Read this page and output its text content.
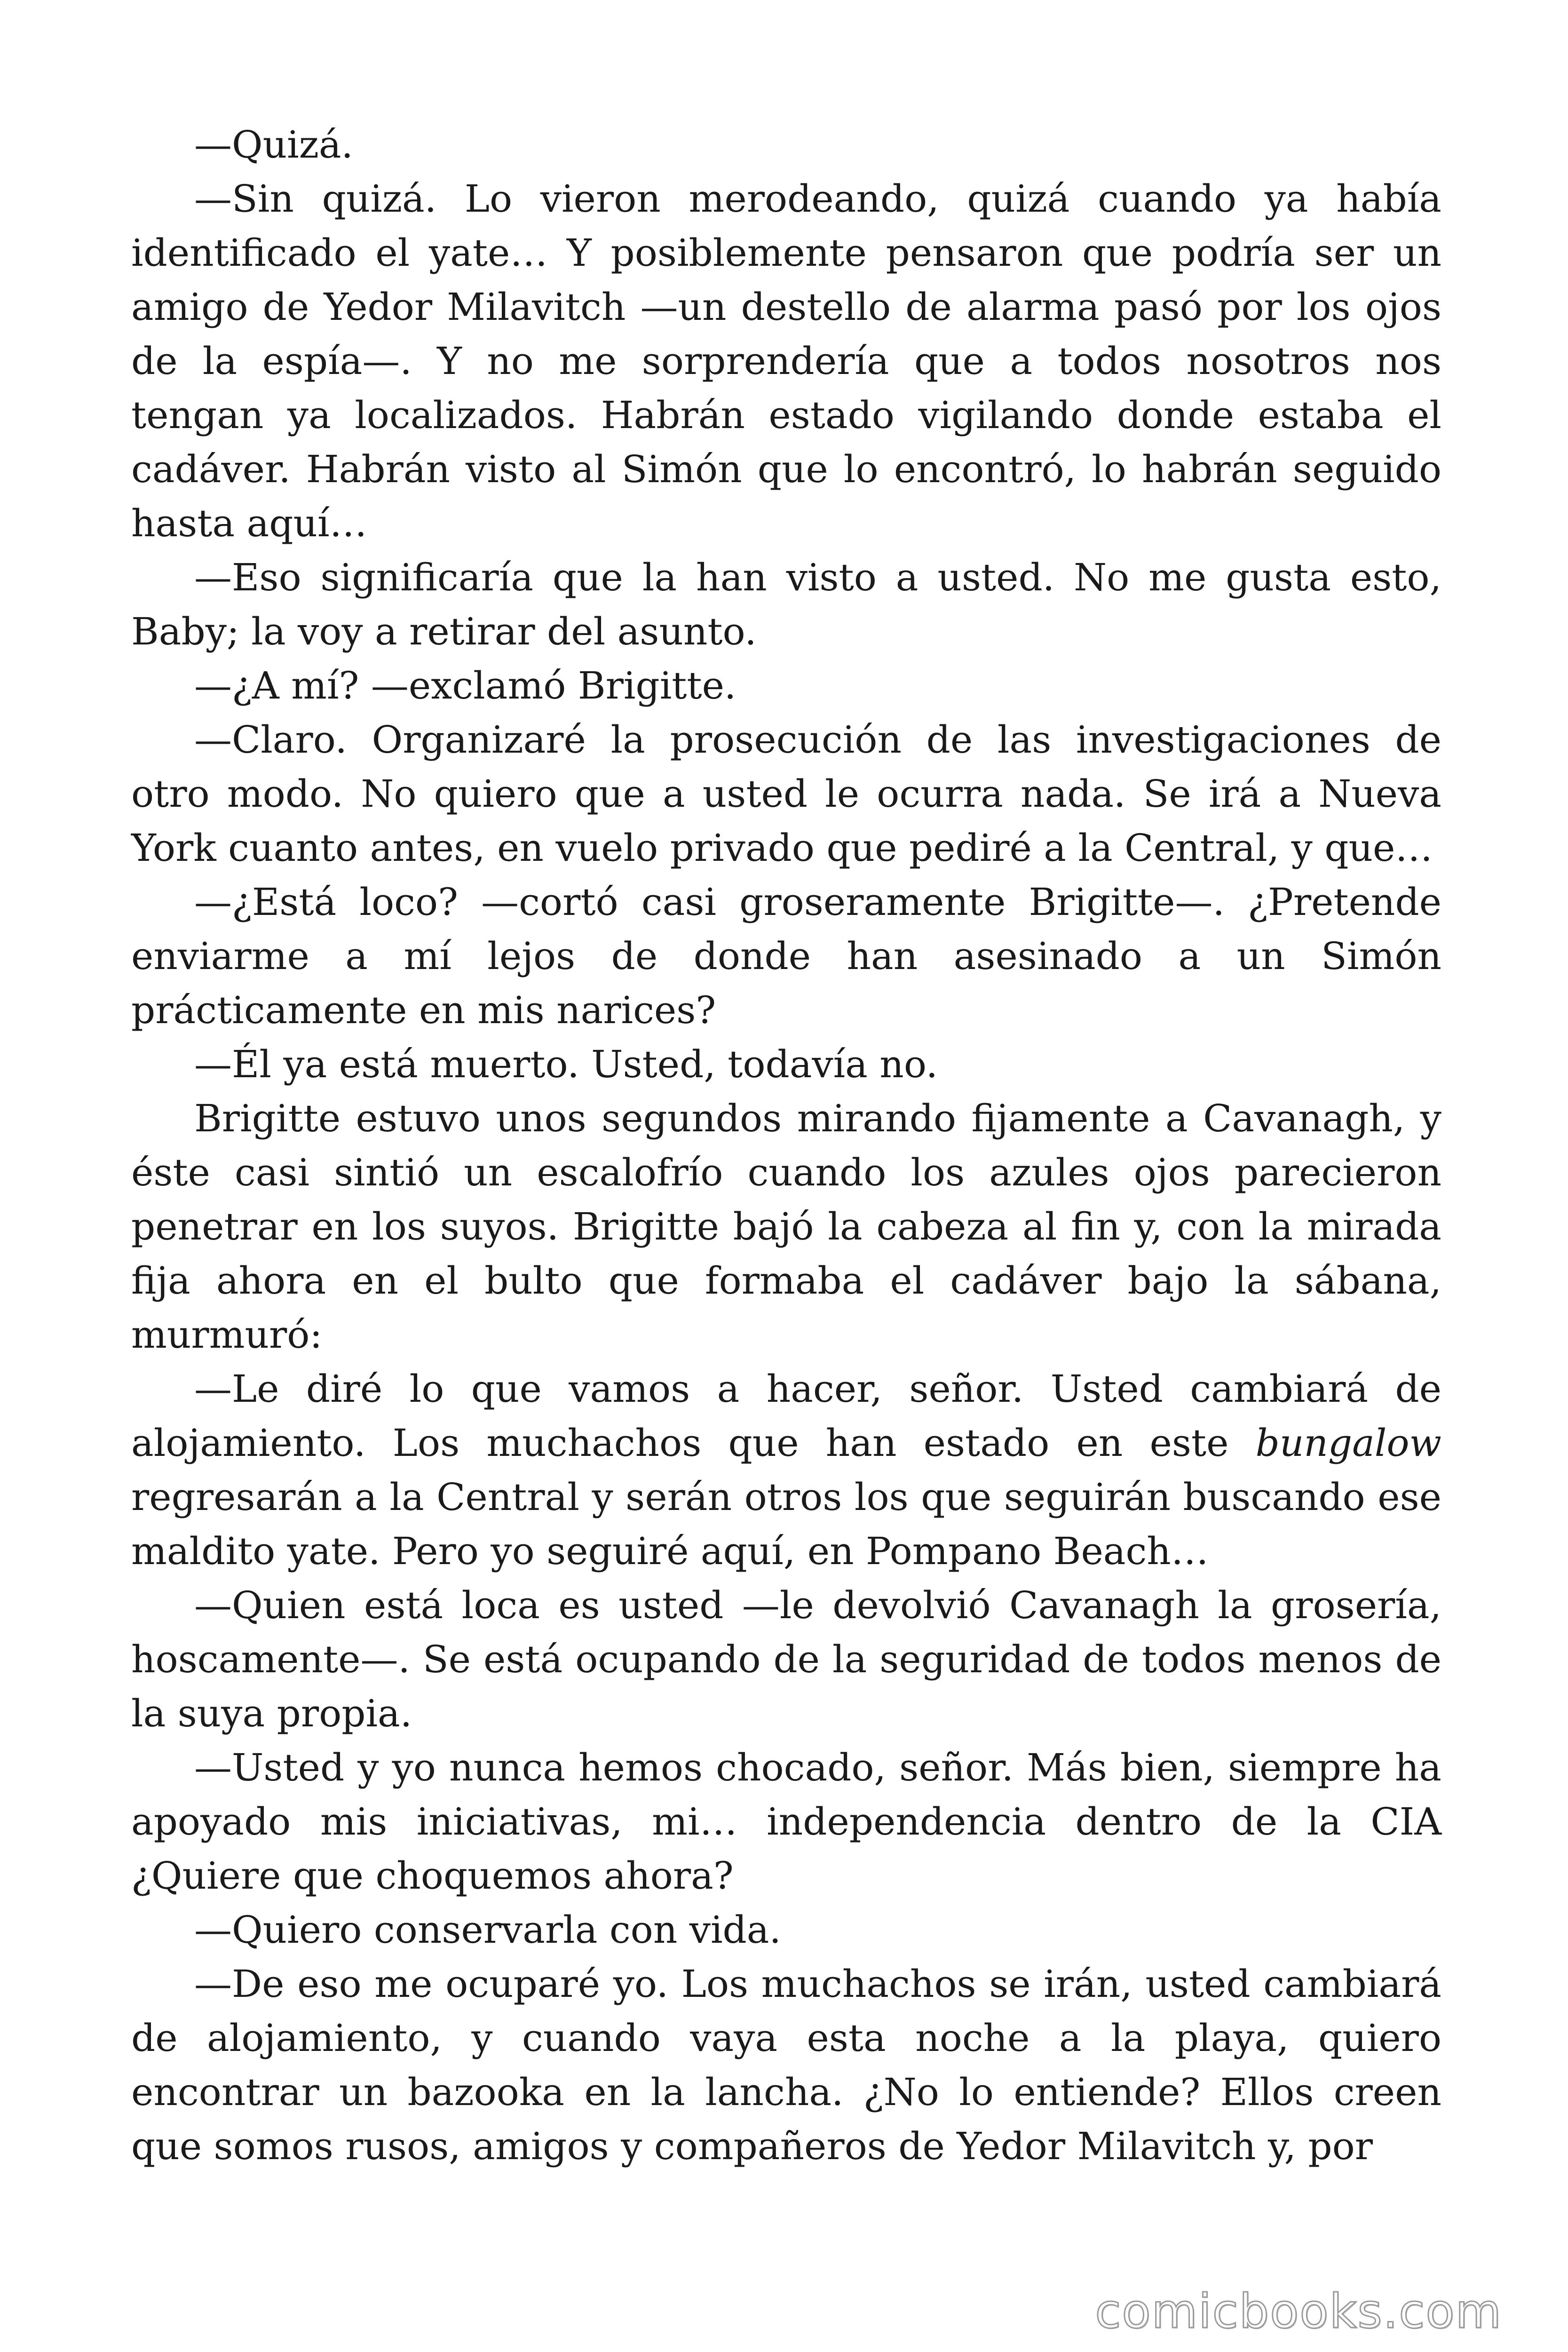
—Quizá.

—Sin quizá. Lo vieron merodeando, quizá cuando ya había identificado el yate… Y posiblemente pensaron que podría ser un amigo de Yedor Milavitch —un destello de alarma pasó por los ojos de la espía—. Y no me sorprendería que a todos nosotros nos tengan ya localizados. Habrán estado vigilando donde estaba el cadáver. Habrán visto al Simón que lo encontró, lo habrán seguido hasta aquí…

—Eso significaría que la han visto a usted. No me gusta esto, Baby; la voy a retirar del asunto.

—¿A mí? —exclamó Brigitte.

—Claro. Organizaré la prosecución de las investigaciones de otro modo. No quiero que a usted le ocurra nada. Se irá a Nueva York cuanto antes, en vuelo privado que pediré a la Central, y que…

—¿Está loco? —cortó casi groseramente Brigitte—. ¿Pretende enviarme a mí lejos de donde han asesinado a un Simón prácticamente en mis narices?

—Él ya está muerto. Usted, todavía no.

Brigitte estuvo unos segundos mirando fijamente a Cavanagh, y éste casi sintió un escalofrío cuando los azules ojos parecieron penetrar en los suyos. Brigitte bajó la cabeza al fin y, con la mirada fija ahora en el bulto que formaba el cadáver bajo la sábana, murmuró:

—Le diré lo que vamos a hacer, señor. Usted cambiará de alojamiento. Los muchachos que han estado en este bungalow regresarán a la Central y serán otros los que seguirán buscando ese maldito yate. Pero yo seguiré aquí, en Pompano Beach…

—Quien está loca es usted —le devolvió Cavanagh la grosería, hoscamente—. Se está ocupando de la seguridad de todos menos de la suya propia.

—Usted y yo nunca hemos chocado, señor. Más bien, siempre ha apoyado mis iniciativas, mi… independencia dentro de la CIA ¿Quiere que choquemos ahora?

—Quiero conservarla con vida.

—De eso me ocuparé yo. Los muchachos se irán, usted cambiará de alojamiento, y cuando vaya esta noche a la playa, quiero encontrar un bazooka en la lancha. ¿No lo entiende? Ellos creen que somos rusos, amigos y compañeros de Yedor Milavitch y, por

comicbooks.com
